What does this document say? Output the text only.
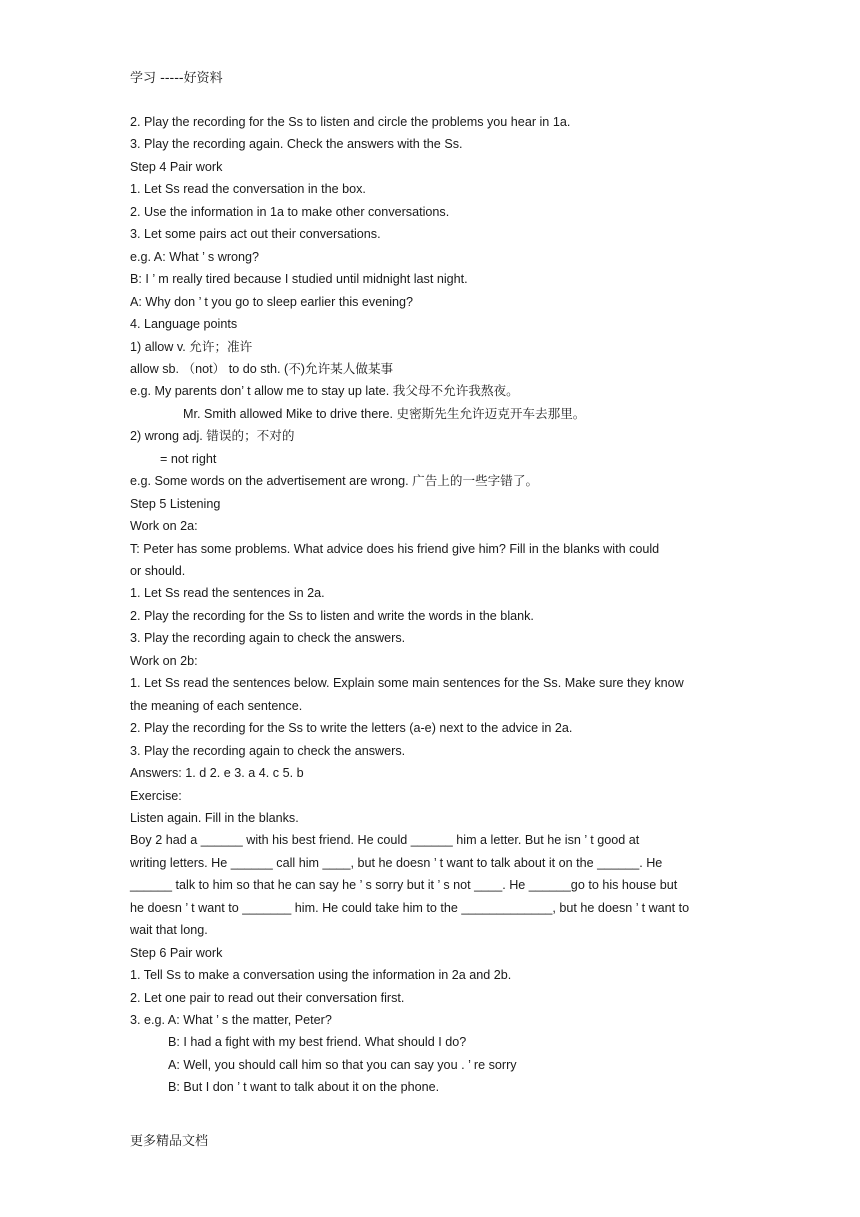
学习 -----好资料
2. Play the recording for the Ss to listen and circle the problems you hear in 1a.
3. Play the recording again. Check the answers with the Ss.
Step 4 Pair work
1. Let Ss read the conversation in the box.
2. Use the information in 1a to make other conversations.
3. Let some pairs act out their conversations.
e.g. A: What ’ s wrong?
B: I ’ m really tired because I studied until midnight last night.
A: Why don ’ t you go to sleep earlier this evening?
4. Language points
1) allow v. 允许；准许
allow sb. （not） to do sth. (不)允许某人做某事
e.g. My parents don’ t allow me to stay up late. 我父母不允许我熬夜。
Mr. Smith allowed Mike to drive there. 史密斯先生允许迈克开车去那里。
2) wrong adj. 错误的；不对的
= not right
e.g. Some words on the advertisement are wrong. 广告上的一些字错了。
Step 5 Listening
Work on 2a:
T: Peter has some problems. What advice does his friend give him? Fill in the blanks with could
or should.
1. Let Ss read the sentences in 2a.
2. Play the recording for the Ss to listen and write the words in the blank.
3. Play the recording again to check the answers.
Work on 2b:
1. Let Ss read the sentences below. Explain some main sentences for the Ss. Make sure they know
the meaning of each sentence.
2. Play the recording for the Ss to write the letters (a-e) next to the advice in 2a.
3. Play the recording again to check the answers.
Answers: 1. d 2. e 3. a 4. c 5. b
Exercise:
Listen again. Fill in the blanks.
Boy 2 had a ______ with his best friend. He could ______ him a letter. But he isn ’ t good at
writing letters. He ______ call him ____, but he doesn ’ t want to talk about it on the ______. He
______ talk to him so that he can say he ’ s sorry but it ’ s not ____. He ______go to his house but
he doesn ’ t want to _______ him. He could take him to the _____________, but he doesn ’ t want to
wait that long.
Step 6 Pair work
1. Tell Ss to make a conversation using the information in 2a and 2b.
2. Let one pair to read out their conversation first.
3. e.g. A: What ’ s the matter, Peter?
B: I had a fight with my best friend. What should I do?
A: Well, you should call him so that you can say you . ’ re sorry
B: But I don ’ t want to talk about it on the phone.
更多精品文档
